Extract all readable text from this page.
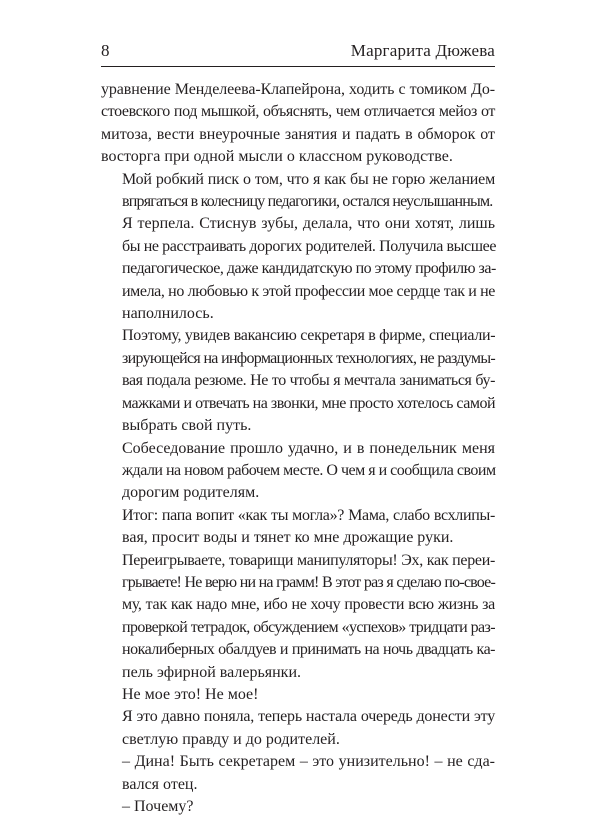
8	Маргарита Дюжева

уравнение Менделеева-Клапейрона, ходить с томиком До-
стоевского под мышкой, объяснять, чем отличается мейоз от
митоза, вести внеурочные занятия и падать в обморок от
восторга при одной мысли о классном руководстве.

Мой робкий писк о том, что я как бы не горю желанием
впрягаться в колесницу педагогики, остался неуслышанным.

Я терпела. Стиснув зубы, делала, что они хотят, лишь
бы не расстраивать дорогих родителей. Получила высшее
педагогическое, даже кандидатскую по этому профилю за-
имела, но любовью к этой профессии мое сердце так и не
наполнилось.

Поэтому, увидев вакансию секретаря в фирме, специали-
зирующейся на информационных технологиях, не раздумы-
вая подала резюме. Не то чтобы я мечтала заниматься бу-
мажками и отвечать на звонки, мне просто хотелось самой
выбрать свой путь.

Собеседование прошло удачно, и в понедельник меня
ждали на новом рабочем месте. О чем я и сообщила своим
дорогим родителям.

Итог: папа вопит «как ты могла»? Мама, слабо всхлипы-
вая, просит воды и тянет ко мне дрожащие руки.

Переигрываете, товарищи манипуляторы! Эх, как переи-
грываете! Не верю ни на грамм! В этот раз я сделаю по-свое-
му, так как надо мне, ибо не хочу провести всю жизнь за
проверкой тетрадок, обсуждением «успехов» тридцати раз-
нокалиберных обалдуев и принимать на ночь двадцать ка-
пель эфирной валерьянки.

Не мое это! Не мое!

Я это давно поняла, теперь настала очередь донести эту
светлую правду и до родителей.

– Дина! Быть секретарем – это унизительно! – не сда-
вался отец.

– Почему?
